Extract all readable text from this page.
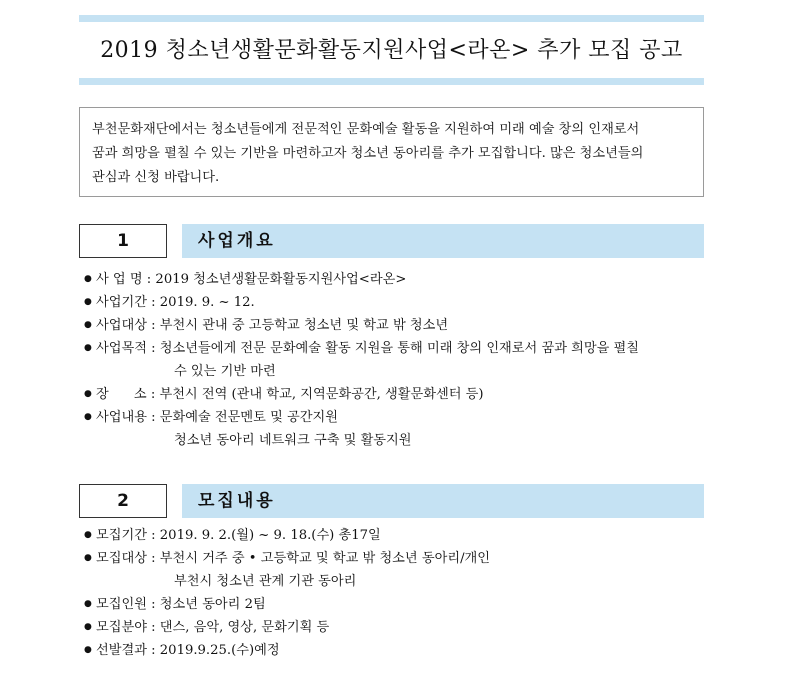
2019 청소년생활문화활동지원사업<라온> 추가 모집 공고
부천문화재단에서는 청소년들에게 전문적인 문화예술 활동을 지원하여 미래 예술 창의 인재로서
꿈과 희망을 펼칠 수 있는 기반을 마련하고자 청소년 동아리를 추가 모집합니다. 많은 청소년들의
관심과 신청 바랍니다.
1	사업개요
● 사 업 명 : 2019 청소년생활문화활동지원사업<라온>
● 사업기간 : 2019. 9. ~ 12.
● 사업대상 : 부천시 관내 중 고등학교 청소년 및 학교 밖 청소년
● 사업목적 : 청소년들에게 전문 문화예술 활동 지원을 통해 미래 창의 인재로서 꿈과 희망을 펼칠
수 있는 기반 마련
● 장      소 : 부천시 전역 (관내 학교, 지역문화공간, 생활문화센터 등)
● 사업내용 : 문화예술 전문멘토 및 공간지원
청소년 동아리 네트워크 구축 및 활동지원
2	모집내용
● 모집기간 : 2019. 9. 2.(월) ~ 9. 18.(수) 총17일
● 모집대상 : 부천시 거주 중 • 고등학교 및 학교 밖 청소년 동아리/개인
부천시 청소년 관계 기관 동아리
● 모집인원 : 청소년 동아리 2팀
● 모집분야 : 댄스, 음악, 영상, 문화기획 등
● 선발결과 : 2019.9.25.(수)예정
